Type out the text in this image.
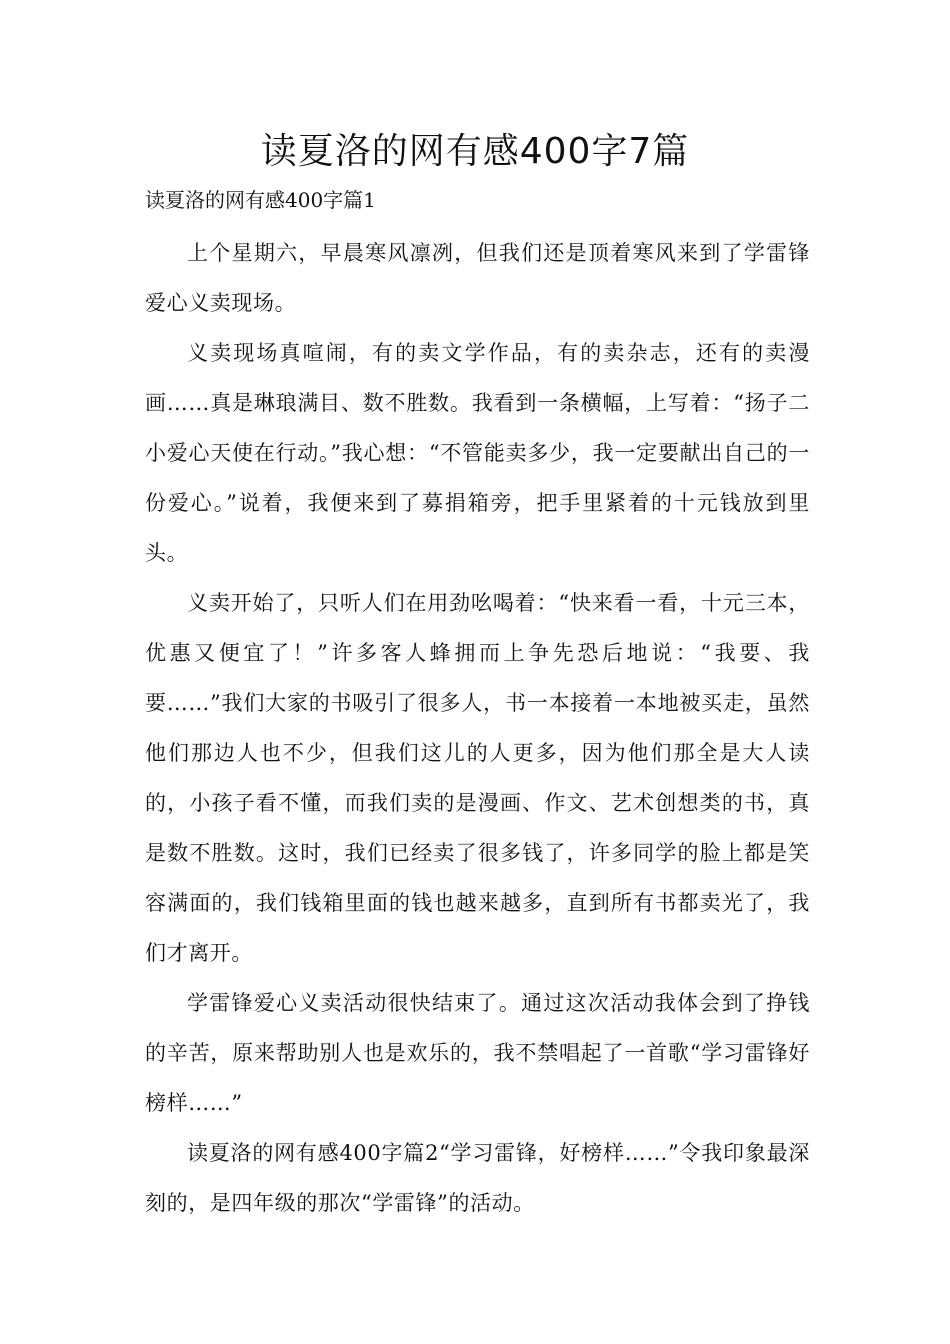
读夏洛的网有感400字7篇
读夏洛的网有感400字篇1

上个星期六，早晨寒风凛冽，但我们还是顶着寒风来到了学雷锋爱心义卖现场。

义卖现场真喧闹，有的卖文学作品，有的卖杂志，还有的卖漫画……真是琳琅满目、数不胜数。我看到一条横幅，上写着：“扬子二小爱心天使在行动。”我心想：“不管能卖多少，我一定要献出自己的一份爱心。”说着，我便来到了募捐箱旁，把手里紧着的十元钱放到里头。

义卖开始了，只听人们在用劲吆喝着：“快来看一看，十元三本，优惠又便宜了！”许多客人蜂拥而上争先恐后地说：“我要、我要……”我们大家的书吸引了很多人，书一本接着一本地被买走，虽然他们那边人也不少，但我们这儿的人更多，因为他们那全是大人读的，小孩子看不懂，而我们卖的是漫画、作文、艺术创想类的书，真是数不胜数。这时，我们已经卖了很多钱了，许多同学的脸上都是笑容满面的，我们钱箱里面的钱也越来越多，直到所有书都卖光了，我们才离开。

学雷锋爱心义卖活动很快结束了。通过这次活动我体会到了挣钱的辛苦，原来帮助别人也是欢乐的，我不禁唱起了一首歌“学习雷锋好榜样……”

读夏洛的网有感400字篇2“学习雷锋，好榜样……”令我印象最深刻的，是四年级的那次“学雷锋”的活动。
